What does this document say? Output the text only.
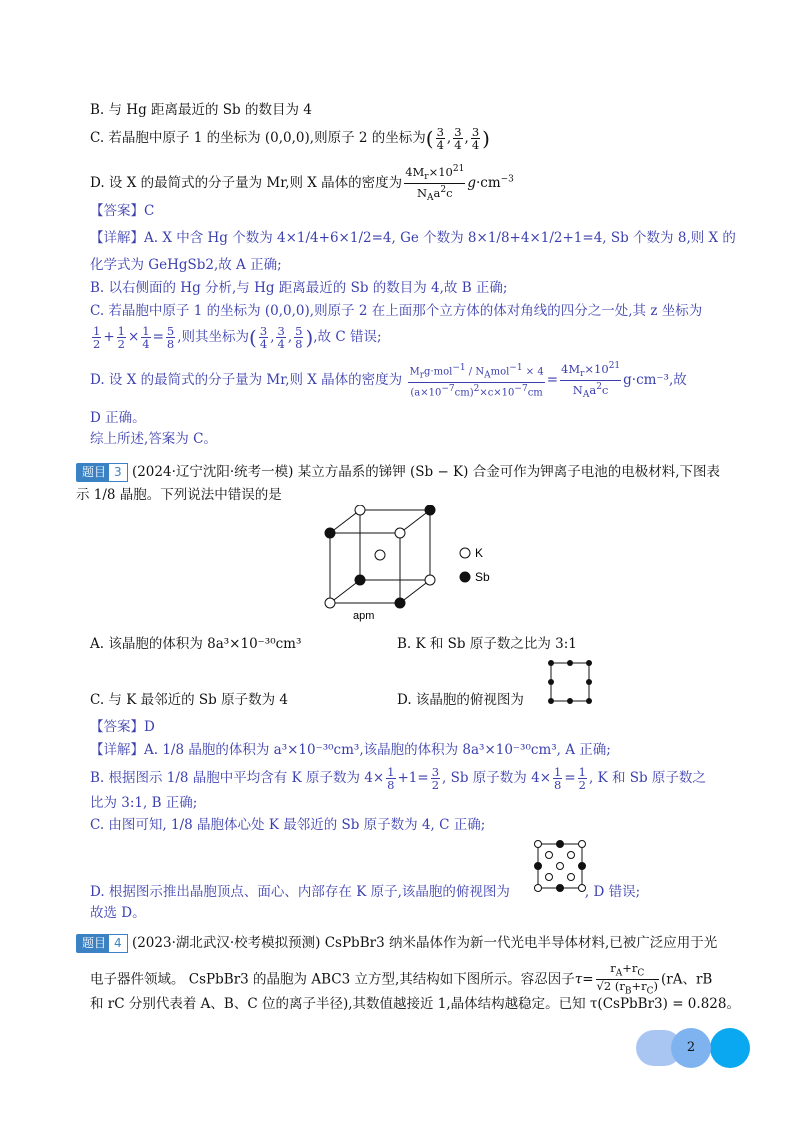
B. 与 Hg 距离最近的 Sb 的数目为 4
C. 若晶胞中原子 1 的坐标为 (0,0,0),则原子 2 的坐标为( $\frac{3}{4}$ , $\frac{3}{4}$ , $\frac{3}{4}$ )
D. 设 X 的最简式的分子量为 Mr,则 X 晶体的密度为 $\frac{4M_r\times 10^{21}}{N_Aa^2c} g\cdot cm^{-3}$
【答案】C
【详解】A. X 中含 Hg 个数为 4×1/4+6×1/2=4, Ge 个数为 8×1/8+4×1/2+1=4, Sb 个数为 8,则 X 的
化学式为 GeHgSb2,故 A 正确;
B. 以右侧面的 Hg 分析,与 Hg 距离最近的 Sb 的数目为 4,故 B 正确;
C. 若晶胞中原子 1 的坐标为 (0,0,0),则原子 2 在上面那个立方体的体对角线的四分之一处,其 z 坐标为
$\frac{1}{2} + \frac{1}{2} \times \frac{1}{4} = \frac{5}{8}$ ,则其坐标为( $\frac{3}{4}$ , $\frac{3}{4}$ , $\frac{5}{8}$ ),故 C 错误;
D. 设 X 的最简式的分子量为 Mr,则 X 晶体的密度为 $\frac{M_rg\cdot mol^{-1} / N_Amol^{-1} \times 4}{(a\times 10^{-7}cm)^2\times c\times 10^{-7}cm} = \frac{4M_r\times 10^{21}}{N_Aa^2c} g\cdot cm^{-3}$,故
D 正确。
综上所述,答案为 C。
题目 3 (2024·辽宁沈阳·统考一模) 某立方晶系的锑钾 (Sb − K) 合金可作为钾离子电池的电极材料,下图表
示 1/8 晶胞。下列说法中错误的是
K
Sb
apm
A. 该晶胞的体积为 8a³×10⁻³⁰cm³	B. K 和 Sb 原子数之比为 3:1
C. 与 K 最邻近的 Sb 原子数为 4	D. 该晶胞的俯视图为
【答案】D
【详解】A. 1/8 晶胞的体积为 a³×10⁻³⁰cm³,该晶胞的体积为 8a³×10⁻³⁰cm³, A 正确;
B. 根据图示 1/8 晶胞中平均含有 K 原子数为 $4\times \frac{1}{8} +1= \frac{3}{2}$ , Sb 原子数为 $4\times \frac{1}{8} = \frac{1}{2}$ , K 和 Sb 原子数之
比为 3:1, B 正确;
C. 由图可知, 1/8 晶胞体心处 K 最邻近的 Sb 原子数为 4, C 正确;
D. 根据图示推出晶胞顶点、面心、内部存在 K 原子,该晶胞的俯视图为	, D 错误;
故选 D。
题目 4 (2023·湖北武汉·校考模拟预测) CsPbBr3 纳米晶体作为新一代光电半导体材料,已被广泛应用于光
电子器件领域。 CsPbBr3 的晶胞为 ABC3 立方型,其结构如下图所示。容忍因子$\tau= \frac{r_A+r_C}{√2 (r_B+r_C)} (rA$、rB
和 rC 分别代表着 A、B、C 位的离子半径),其数值越接近 1,晶体结构越稳定。已知 τ(CsPbBr3) = 0.828。
2
